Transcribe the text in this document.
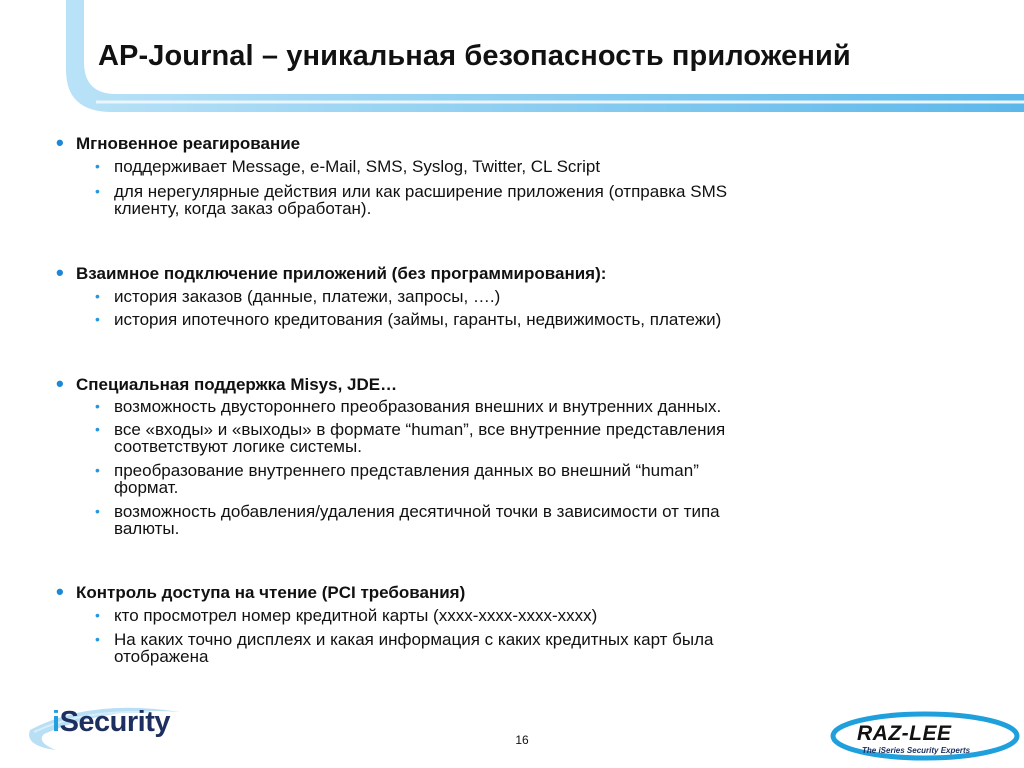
AP-Journal – уникальная безопасность приложений
• Мгновенное реагирование
• поддерживает Message, e-Mail, SMS, Syslog, Twitter, CL Script
• для нерегулярные действия или как расширение приложения (отправка SMS
клиенту, когда заказ обработан).
• Взаимное подключение приложений (без программирования):
• история заказов (данные, платежи, запросы, ….)
• история ипотечного кредитования (займы, гаранты, недвижимость, платежи)
• Специальная поддержка Misys, JDE…
• возможность двустороннего преобразования внешних и внутренних данных.
• все «входы» и «выходы» в формате “human”, все внутренние представления
соответствуют логике системы.
• преобразование внутреннего представления данных во внешний “human”
формат.
• возможность добавления/удаления десятичной точки в зависимости от типа
валюты.
• Контроль доступа на чтение (PCI требования)
• кто просмотрел номер кредитной карты (xxxx-xxxx-xxxx-xxxx)
• На каких точно дисплеях и какая информация с каких кредитных карт была
отображена
iSecurity
16	RAZ-LEE
The iSeries Security Experts
